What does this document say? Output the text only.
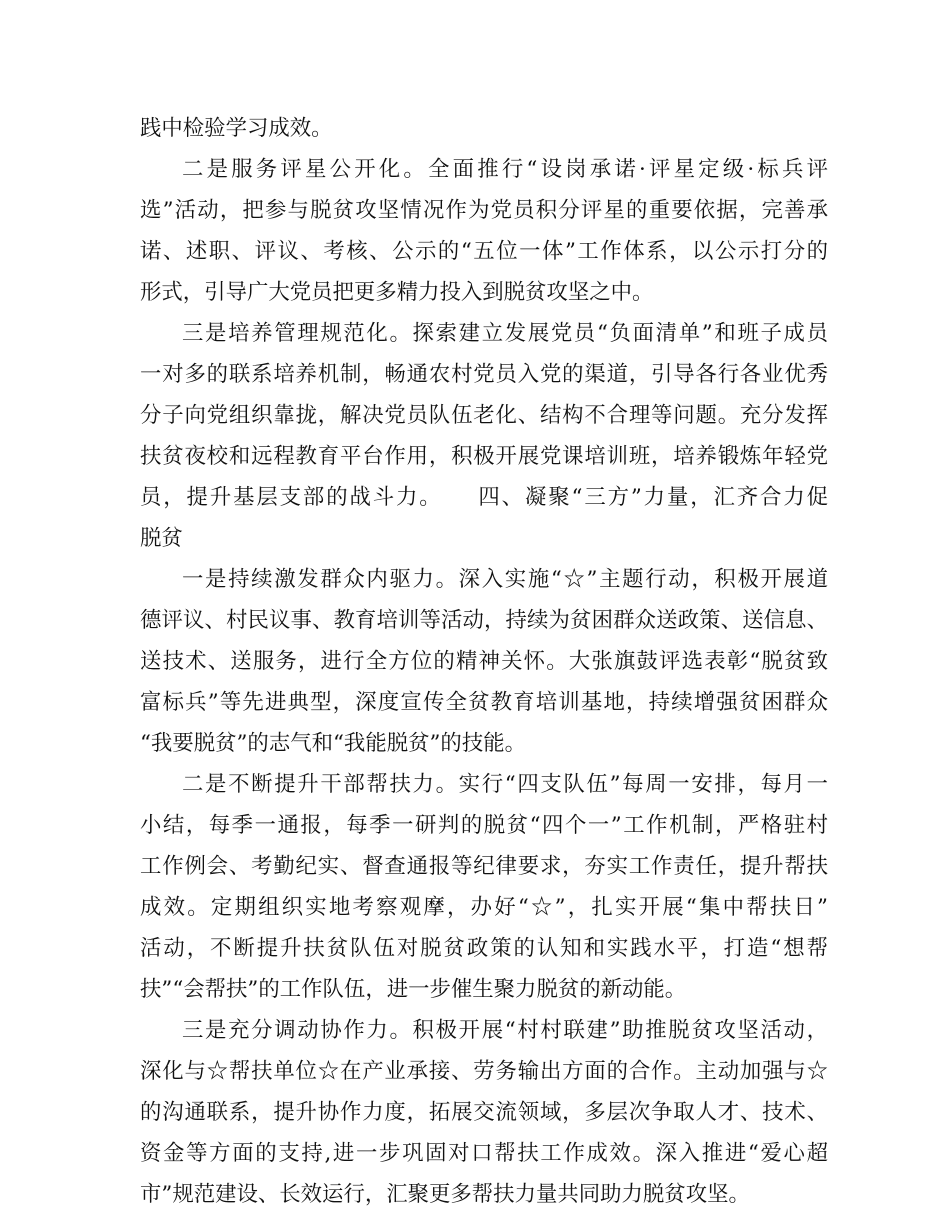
践中检验学习成效。
二是服务评星公开化。全面推行“设岗承诺·评星定级·标兵评
选”活动，把参与脱贫攻坚情况作为党员积分评星的重要依据，完善承
诺、述职、评议、考核、公示的“五位一体”工作体系，以公示打分的
形式，引导广大党员把更多精力投入到脱贫攻坚之中。
三是培养管理规范化。探索建立发展党员“负面清单”和班子成员
一对多的联系培养机制，畅通农村党员入党的渠道，引导各行各业优秀
分子向党组织靠拢，解决党员队伍老化、结构不合理等问题。充分发挥
扶贫夜校和远程教育平台作用，积极开展党课培训班，培养锻炼年轻党
员，提升基层支部的战斗力。　　四、凝聚“三方”力量，汇齐合力促
脱贫
一是持续激发群众内驱力。深入实施“☆”主题行动，积极开展道
德评议、村民议事、教育培训等活动，持续为贫困群众送政策、送信息、
送技术、送服务，进行全方位的精神关怀。大张旗鼓评选表彰“脱贫致
富标兵”等先进典型，深度宣传全贫教育培训基地，持续增强贫困群众
“我要脱贫”的志气和“我能脱贫”的技能。
二是不断提升干部帮扶力。实行“四支队伍”每周一安排，每月一
小结，每季一通报，每季一研判的脱贫“四个一”工作机制，严格驻村
工作例会、考勤纪实、督查通报等纪律要求，夯实工作责任，提升帮扶
成效。定期组织实地考察观摩，办好“☆”，扎实开展“集中帮扶日”
活动，不断提升扶贫队伍对脱贫政策的认知和实践水平，打造“想帮
扶”“会帮扶”的工作队伍，进一步催生聚力脱贫的新动能。
三是充分调动协作力。积极开展“村村联建”助推脱贫攻坚活动，
深化与☆帮扶单位☆在产业承接、劳务输出方面的合作。主动加强与☆
的沟通联系，提升协作力度，拓展交流领域，多层次争取人才、技术、
资金等方面的支持,进一步巩固对口帮扶工作成效。深入推进“爱心超
市”规范建设、长效运行，汇聚更多帮扶力量共同助力脱贫攻坚。
